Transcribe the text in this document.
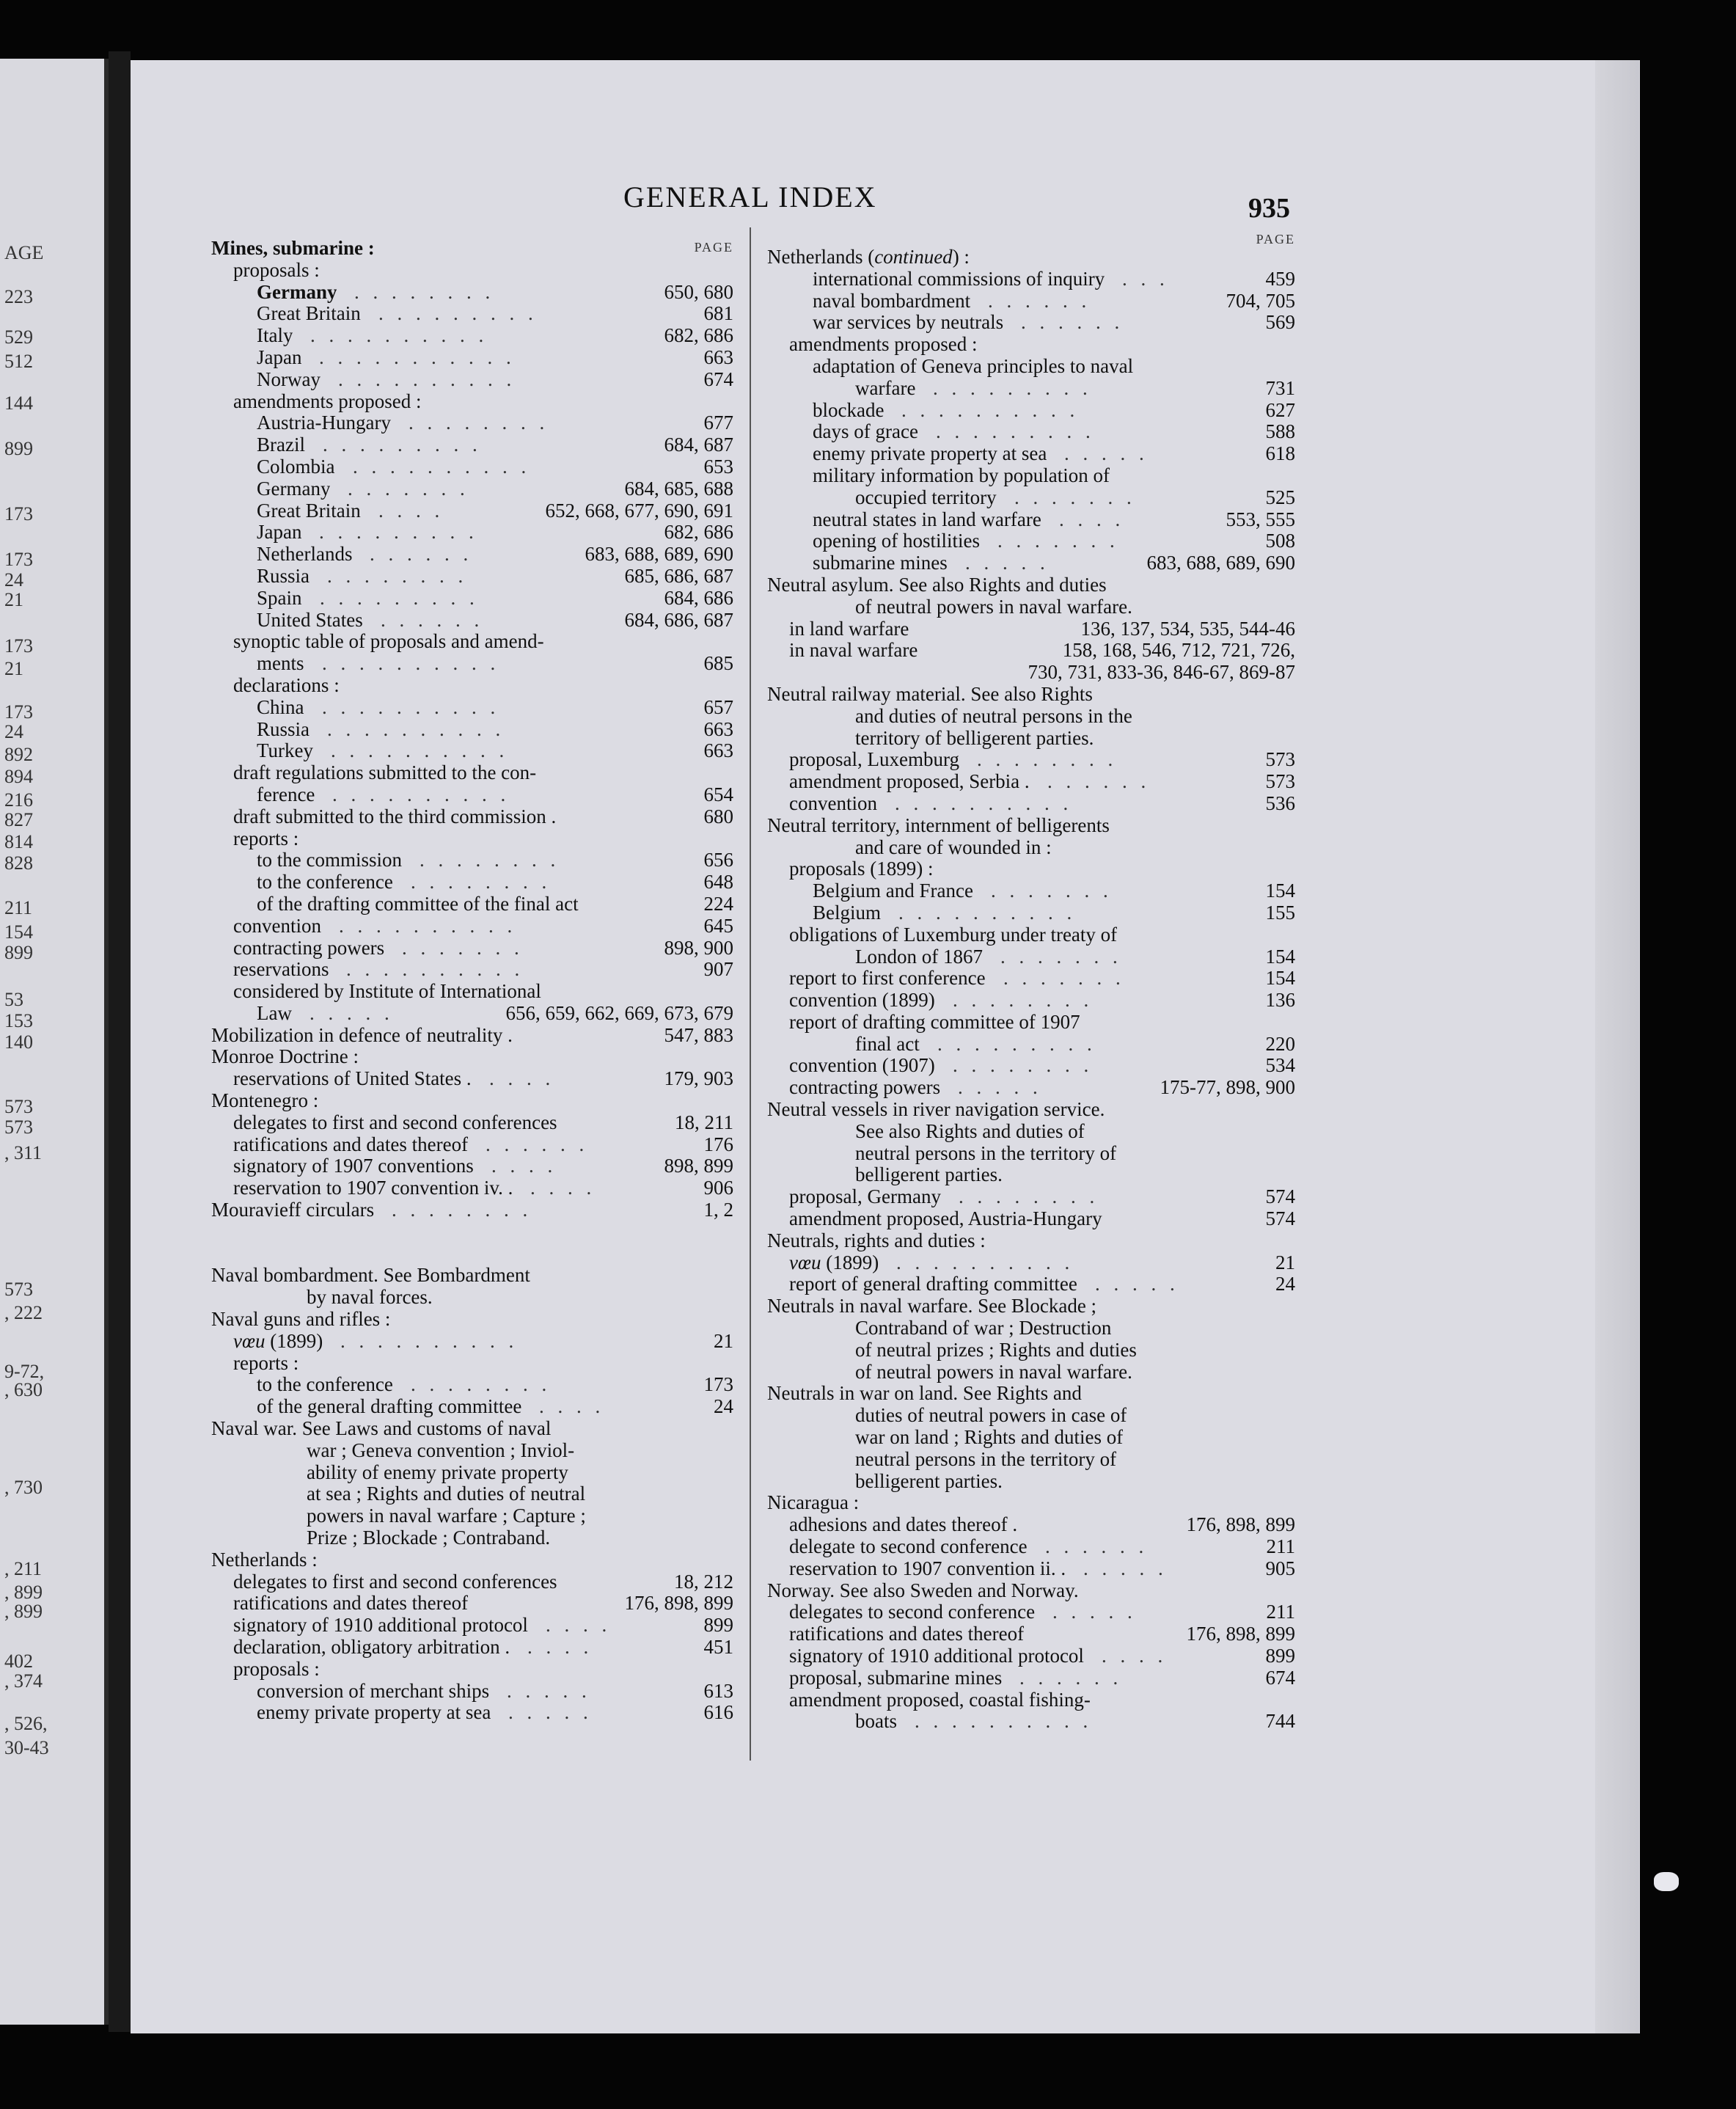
AGE
223
529
512
144
899
173
173
24
21
173
21
173
24
892
894
216
827
814
828
211
154
899
53
153
140
573
573
, 311
573
, 222
9-72,
, 630
, 730
, 211
, 899
, 899
402
, 374
, 526,
30-43
GENERAL INDEX	935
PAGE
Mines, submarine :
proposals :
Germany . . . . . . . .	650, 680
Great Britain . . . . . . . . .	681
Italy . . . . . . . . . .	682, 686
Japan . . . . . . . . . . .	663
Norway . . . . . . . . . .	674
amendments proposed :
Austria-Hungary . . . . . . . .	677
Brazil . . . . . . . . .	684, 687
Colombia . . . . . . . . . .	653
Germany . . . . . . .	684, 685, 688
Great Britain . . . .	652, 668, 677, 690, 691
Japan . . . . . . . . .	682, 686
Netherlands . . . . . .	683, 688, 689, 690
Russia . . . . . . . .	685, 686, 687
Spain . . . . . . . . .	684, 686
United States . . . . . .	684, 686, 687
synoptic table of proposals and amend-
ments . . . . . . . . . .	685
declarations :
China . . . . . . . . . .	657
Russia . . . . . . . . . .	663
Turkey . . . . . . . . . .	663
draft regulations submitted to the con-
ference . . . . . . . . . .	654
draft submitted to the third commission .	680
reports :
to the commission . . . . . . . .	656
to the conference . . . . . . . .	648
of the drafting committee of the final act	224
convention . . . . . . . . . .	645
contracting powers . . . . . . .	898, 900
reservations . . . . . . . . . .	907
considered by Institute of International
Law . . . . .	656, 659, 662, 669, 673, 679
Mobilization in defence of neutrality .	547, 883
Monroe Doctrine :
reservations of United States . . . . .	179, 903
Montenegro :
delegates to first and second conferences	18, 211
ratifications and dates thereof . . . . . .	176
signatory of 1907 conventions . . . .	898, 899
reservation to 1907 convention iv. . . . . .	906
Mouravieff circulars . . . . . . . .	1, 2
Naval bombardment. See Bombardment
by naval forces.
Naval guns and rifles :
vœu (1899) . . . . . . . . . .	21
reports :
to the conference . . . . . . . .	173
of the general drafting committee . . . .	24
Naval war. See Laws and customs of naval
war ; Geneva convention ; Inviol-
ability of enemy private property
at sea ; Rights and duties of neutral
powers in naval warfare ; Capture ;
Prize ; Blockade ; Contraband.
Netherlands :
delegates to first and second conferences	18, 212
ratifications and dates thereof	176, 898, 899
signatory of 1910 additional protocol . . . .	899
declaration, obligatory arbitration . . . . .	451
proposals :
conversion of merchant ships . . . . .	613
enemy private property at sea . . . . .	616
PAGE
Netherlands (continued) :
international commissions of inquiry . . .	459
naval bombardment . . . . . .	704, 705
war services by neutrals . . . . . .	569
amendments proposed :
adaptation of Geneva principles to naval
warfare . . . . . . . . .	731
blockade . . . . . . . . . .	627
days of grace . . . . . . . . .	588
enemy private property at sea . . . . .	618
military information by population of
occupied territory . . . . . . .	525
neutral states in land warfare . . . .	553, 555
opening of hostilities . . . . . . .	508
submarine mines . . . . .	683, 688, 689, 690
Neutral asylum. See also Rights and duties
of neutral powers in naval warfare.
in land warfare	136, 137, 534, 535, 544-46
in naval warfare	158, 168, 546, 712, 721, 726,
730, 731, 833-36, 846-67, 869-87
Neutral railway material. See also Rights
and duties of neutral persons in the
territory of belligerent parties.
proposal, Luxemburg . . . . . . . .	573
amendment proposed, Serbia . . . . . . .	573
convention . . . . . . . . . .	536
Neutral territory, internment of belligerents
and care of wounded in :
proposals (1899) :
Belgium and France . . . . . . .	154
Belgium . . . . . . . . . .	155
obligations of Luxemburg under treaty of
London of 1867 . . . . . . .	154
report to first conference . . . . . . .	154
convention (1899) . . . . . . . .	136
report of drafting committee of 1907
final act . . . . . . . . .	220
convention (1907) . . . . . . . .	534
contracting powers . . . . .	175-77, 898, 900
Neutral vessels in river navigation service.
See also Rights and duties of
neutral persons in the territory of
belligerent parties.
proposal, Germany . . . . . . . .	574
amendment proposed, Austria-Hungary	574
Neutrals, rights and duties :
vœu (1899) . . . . . . . . . .	21
report of general drafting committee . . . . .	24
Neutrals in naval warfare. See Blockade ;
Contraband of war ; Destruction
of neutral prizes ; Rights and duties
of neutral powers in naval warfare.
Neutrals in war on land. See Rights and
duties of neutral powers in case of
war on land ; Rights and duties of
neutral persons in the territory of
belligerent parties.
Nicaragua :
adhesions and dates thereof .	176, 898, 899
delegate to second conference . . . . . .	211
reservation to 1907 convention ii. . . . . . .	905
Norway. See also Sweden and Norway.
delegates to second conference . . . . .	211
ratifications and dates thereof	176, 898, 899
signatory of 1910 additional protocol . . . .	899
proposal, submarine mines . . . . . .	674
amendment proposed, coastal fishing-
boats . . . . . . . . . .	744
